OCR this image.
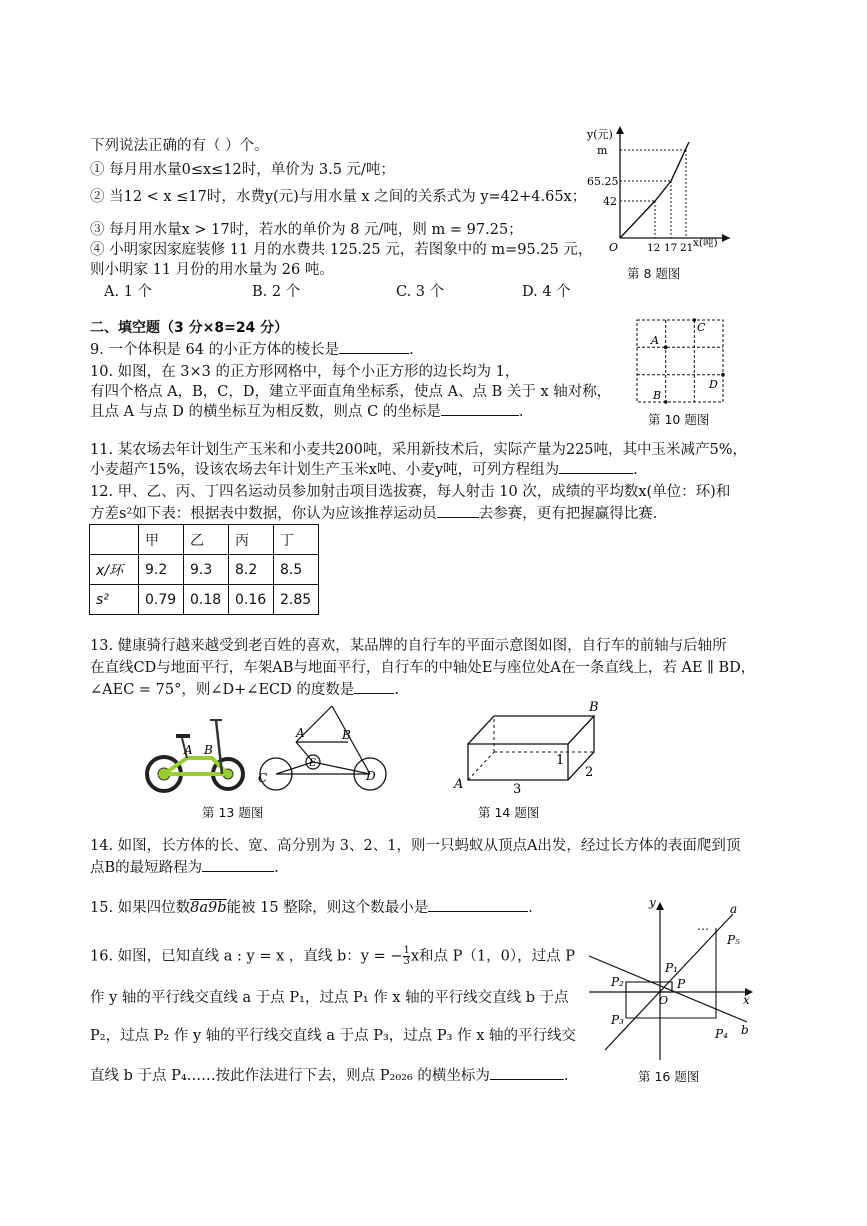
下列说法正确的有（ ）个。
① 每月用水量0≤x≤12时，单价为 3.5 元/吨；
② 当12 < x ≤17时，水费y(元)与用水量 x 之间的关系式为 y=42+4.65x；
③ 每月用水量x > 17时，若水的单价为 8 元/吨，则 m = 97.25；
④ 小明家因家庭装修 11 月的水费共 125.25 元，若图象中的 m=95.25 元，
则小明家 11 月份的用水量为 26 吨。
A. 1 个	B. 2 个	C. 3 个	D. 4 个
y(元)
m
65.25
42
O	12 17 21 x(吨)
第 8 题图
二、填空题（3 分×8=24 分）
9. 一个体积是 64 的小正方体的棱长是	.
10. 如图，在 3×3 的正方形网格中，每个小正方形的边长均为 1，
有四个格点 A，B，C，D，建立平面直角坐标系，使点 A、点 B 关于 x 轴对称，
且点 A 与点 D 的横坐标互为相反数，则点 C 的坐标是	.
A
B
C
D
第 10 题图
11. 某农场去年计划生产玉米和小麦共200吨，采用新技术后，实际产量为225吨，其中玉米减产5%，
小麦超产15%，设该农场去年计划生产玉米x吨、小麦y吨，可列方程组为	.
12. 甲、乙、丙、丁四名运动员参加射击项目选拔赛，每人射击 10 次，成绩的平均数x(单位：环)和
方差s²如下表：根据表中数据，你认为应该推荐运动员	去参赛，更有把握赢得比赛.
	甲	乙	丙	丁
x/环	9.2	9.3	8.2	8.5
s²	0.79	0.18	0.16	2.85
13. 健康骑行越来越受到老百姓的喜欢，某品牌的自行车的平面示意图如图，自行车的前轴与后轴所
在直线CD与地面平行，车架AB与地面平行，自行车的中轴处E与座位处A在一条直线上，若 AE ∥ BD，
∠AEC = 75°，则∠D+∠ECD 的度数是	.
A B
A	B
C	D
E
第 13 题图
A
B
3
2
1
第 14 题图
14. 如图，长方体的长、宽、高分别为 3、2、1，则一只蚂蚁从顶点A出发，经过长方体的表面爬到顶
点B的最短路程为	.
15. 如果四位数8a9b能被 15 整除，则这个数最小是	.
16. 如图，已知直线 a : y = x ，直线 b：y = − $\frac{1}{3}$ x和点 P（1，0），过点 P
作 y 轴的平行线交直线 a 于点 P₁，过点 P₁ 作 x 轴的平行线交直线 b 于点
P₂，过点 P₂ 作 y 轴的平行线交直线 a 于点 P₃，过点 P₃ 作 x 轴的平行线交
直线 b 于点 P₄……按此作法进行下去，则点 P₂₀₂₆ 的横坐标为	.
y
x
a
b
O
P
P₁
P₂
P₃
P₄
P₅
…
第 16 题图
